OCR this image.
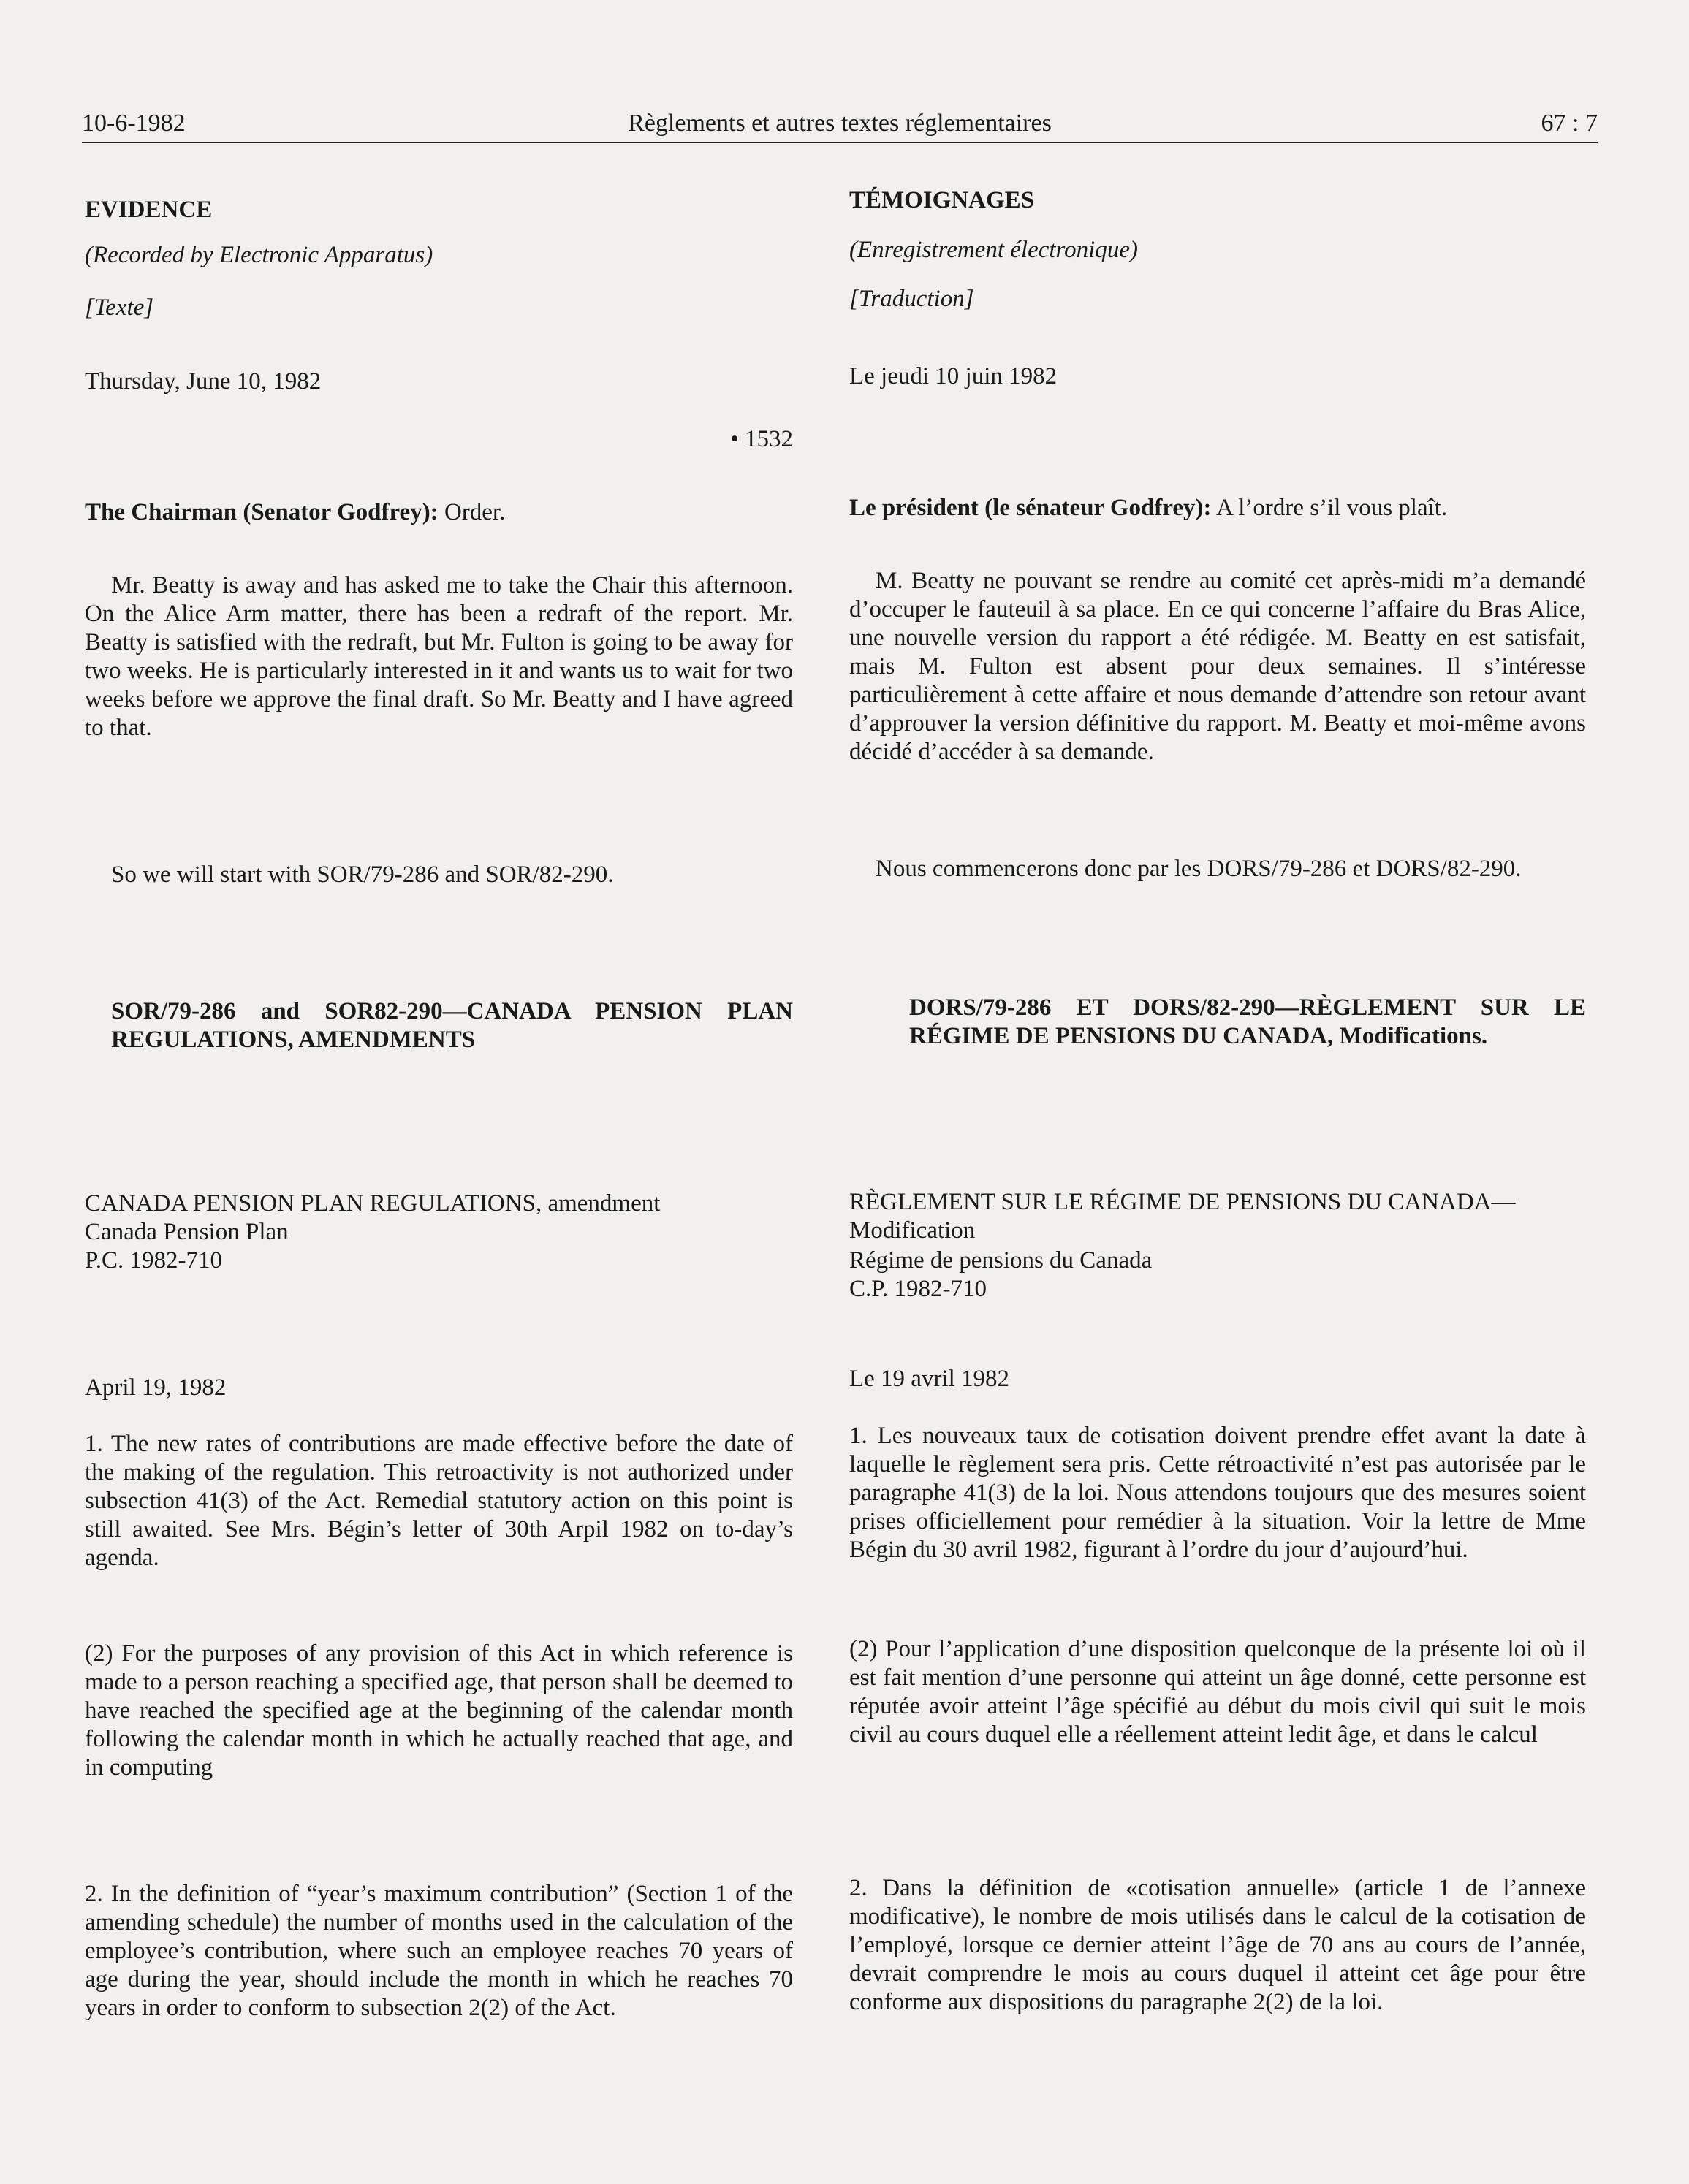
10-6-1982	Règlements et autres textes réglementaires	67 : 7
EVIDENCE
(Recorded by Electronic Apparatus)
[Texte]
Thursday, June 10, 1982
• 1532
The Chairman (Senator Godfrey): Order.
Mr. Beatty is away and has asked me to take the Chair this afternoon. On the Alice Arm matter, there has been a redraft of the report. Mr. Beatty is satisfied with the redraft, but Mr. Fulton is going to be away for two weeks. He is particularly interested in it and wants us to wait for two weeks before we approve the final draft. So Mr. Beatty and I have agreed to that.
So we will start with SOR/79-286 and SOR/82-290.
SOR/79-286 and SOR82-290—CANADA PENSION PLAN REGULATIONS, AMENDMENTS
CANADA PENSION PLAN REGULATIONS, amendment
Canada Pension Plan
P.C. 1982-710
April 19, 1982
1. The new rates of contributions are made effective before the date of the making of the regulation. This retroactivity is not authorized under subsection 41(3) of the Act. Remedial statutory action on this point is still awaited. See Mrs. Bégin’s letter of 30th Arpil 1982 on to-day’s agenda.
(2) For the purposes of any provision of this Act in which reference is made to a person reaching a specified age, that person shall be deemed to have reached the specified age at the beginning of the calendar month following the calendar month in which he actually reached that age, and in computing
2. In the definition of “year’s maximum contribution” (Section 1 of the amending schedule) the number of months used in the calculation of the employee’s contribution, where such an employee reaches 70 years of age during the year, should include the month in which he reaches 70 years in order to conform to subsection 2(2) of the Act.
TÉMOIGNAGES
(Enregistrement électronique)
[Traduction]
Le jeudi 10 juin 1982
Le président (le sénateur Godfrey): A l’ordre s’il vous plaît.
M. Beatty ne pouvant se rendre au comité cet après-midi m’a demandé d’occuper le fauteuil à sa place. En ce qui concerne l’affaire du Bras Alice, une nouvelle version du rapport a été rédigée. M. Beatty en est satisfait, mais M. Fulton est absent pour deux semaines. Il s’intéresse particulièrement à cette affaire et nous demande d’attendre son retour avant d’approuver la version définitive du rapport. M. Beatty et moi-même avons décidé d’accéder à sa demande.
Nous commencerons donc par les DORS/79-286 et DORS/82-290.
DORS/79-286 ET DORS/82-290—RÈGLEMENT SUR LE RÉGIME DE PENSIONS DU CANADA, Modifications.
RÈGLEMENT SUR LE RÉGIME DE PENSIONS DU CANADA—Modification
Régime de pensions du Canada
C.P. 1982-710
Le 19 avril 1982
1. Les nouveaux taux de cotisation doivent prendre effet avant la date à laquelle le règlement sera pris. Cette rétroactivité n’est pas autorisée par le paragraphe 41(3) de la loi. Nous attendons toujours que des mesures soient prises officiellement pour remédier à la situation. Voir la lettre de Mme Bégin du 30 avril 1982, figurant à l’ordre du jour d’aujourd’hui.
(2) Pour l’application d’une disposition quelconque de la présente loi où il est fait mention d’une personne qui atteint un âge donné, cette personne est réputée avoir atteint l’âge spécifié au début du mois civil qui suit le mois civil au cours duquel elle a réellement atteint ledit âge, et dans le calcul
2. Dans la définition de «cotisation annuelle» (article 1 de l’annexe modificative), le nombre de mois utilisés dans le calcul de la cotisation de l’employé, lorsque ce dernier atteint l’âge de 70 ans au cours de l’année, devrait comprendre le mois au cours duquel il atteint cet âge pour être conforme aux dispositions du paragraphe 2(2) de la loi.
